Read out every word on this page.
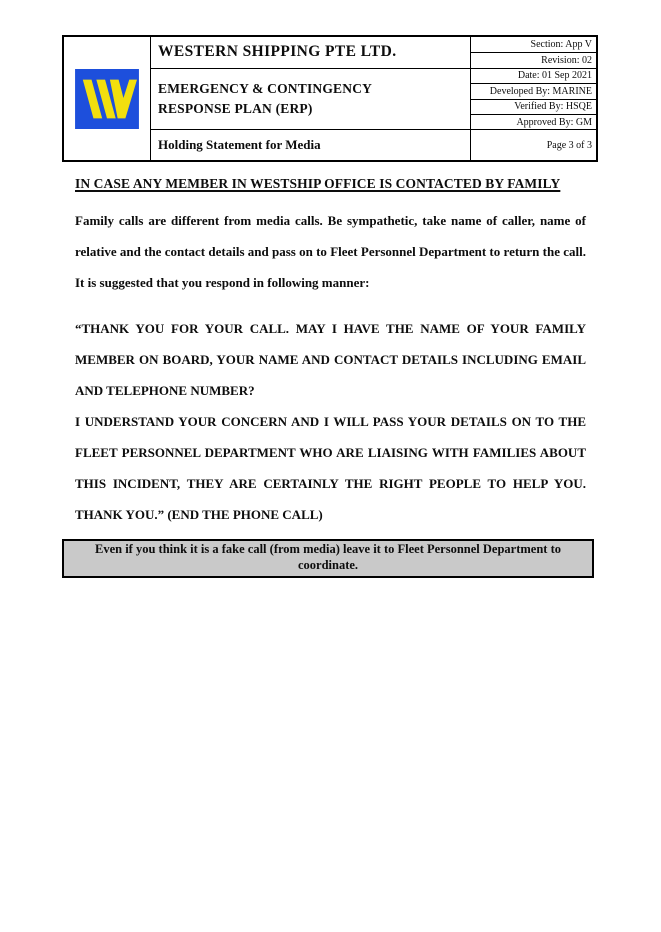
WESTERN SHIPPING PTE LTD.
EMERGENCY & CONTINGENCY RESPONSE PLAN (ERP)
Holding Statement for Media
Section: App V
Revision: 02
Date: 01 Sep 2021
Developed By: MARINE
Verified By: HSQE
Approved By: GM
Page 3 of 3
IN CASE ANY MEMBER IN WESTSHIP OFFICE IS CONTACTED BY FAMILY

Family calls are different from media calls. Be sympathetic, take name of caller, name of relative and the contact details and pass on to Fleet Personnel Department to return the call. It is suggested that you respond in following manner:

“THANK YOU FOR YOUR CALL. MAY I HAVE THE NAME OF YOUR FAMILY MEMBER ON BOARD, YOUR NAME AND CONTACT DETAILS INCLUDING EMAIL AND TELEPHONE NUMBER?

I UNDERSTAND YOUR CONCERN AND I WILL PASS YOUR DETAILS ON TO THE FLEET PERSONNEL DEPARTMENT WHO ARE LIAISING WITH FAMILIES ABOUT THIS INCIDENT, THEY ARE CERTAINLY THE RIGHT PEOPLE TO HELP YOU. THANK YOU.” (END THE PHONE CALL)

Even if you think it is a fake call (from media) leave it to Fleet Personnel Department to coordinate.
